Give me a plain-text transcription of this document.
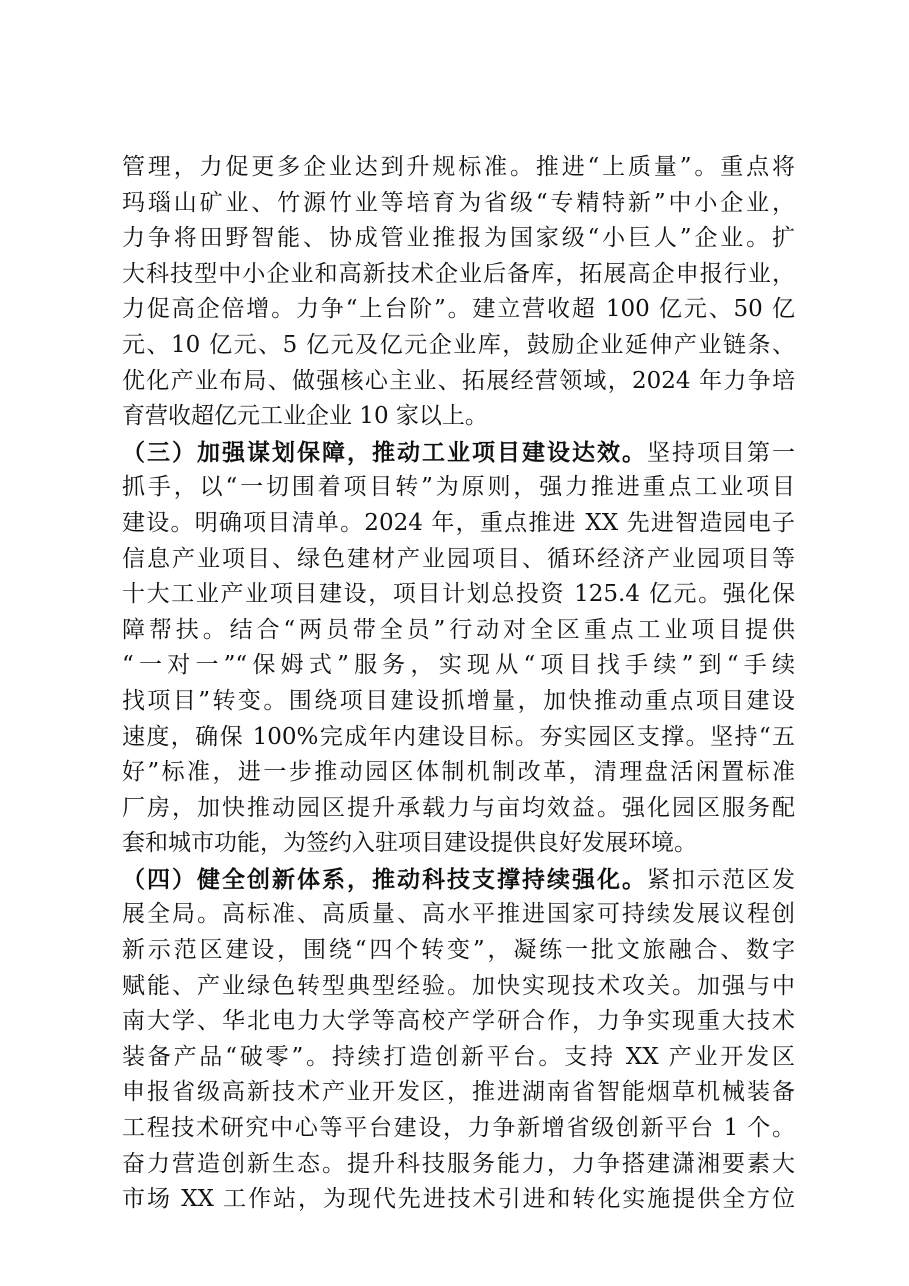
管理，力促更多企业达到升规标准。推进“上质量”。重点将
玛瑙山矿业、竹源竹业等培育为省级“专精特新”中小企业，
力争将田野智能、协成管业推报为国家级“小巨人”企业。扩
大科技型中小企业和高新技术企业后备库，拓展高企申报行业，
力促高企倍增。力争“上台阶”。建立营收超 100 亿元、50 亿
元、10 亿元、5 亿元及亿元企业库，鼓励企业延伸产业链条、
优化产业布局、做强核心主业、拓展经营领域，2024 年力争培
育营收超亿元工业企业 10 家以上。
（三）加强谋划保障，推动工业项目建设达效。坚持项目第一
抓手，以“一切围着项目转”为原则，强力推进重点工业项目
建设。明确项目清单。2024 年，重点推进 XX 先进智造园电子
信息产业项目、绿色建材产业园项目、循环经济产业园项目等
十大工业产业项目建设，项目计划总投资 125.4 亿元。强化保
障帮扶。结合“两员带全员”行动对全区重点工业项目提供
“一对一”“保姆式”服务，实现从“项目找手续”到“手续
找项目”转变。围绕项目建设抓增量，加快推动重点项目建设
速度，确保 100%完成年内建设目标。夯实园区支撑。坚持“五
好”标准，进一步推动园区体制机制改革，清理盘活闲置标准
厂房，加快推动园区提升承载力与亩均效益。强化园区服务配
套和城市功能，为签约入驻项目建设提供良好发展环境。
（四）健全创新体系，推动科技支撑持续强化。紧扣示范区发
展全局。高标准、高质量、高水平推进国家可持续发展议程创
新示范区建设，围绕“四个转变”，凝练一批文旅融合、数字
赋能、产业绿色转型典型经验。加快实现技术攻关。加强与中
南大学、华北电力大学等高校产学研合作，力争实现重大技术
装备产品“破零”。持续打造创新平台。支持 XX 产业开发区
申报省级高新技术产业开发区，推进湖南省智能烟草机械装备
工程技术研究中心等平台建设，力争新增省级创新平台 1 个。
奋力营造创新生态。提升科技服务能力，力争搭建潇湘要素大
市场 XX 工作站，为现代先进技术引进和转化实施提供全方位
